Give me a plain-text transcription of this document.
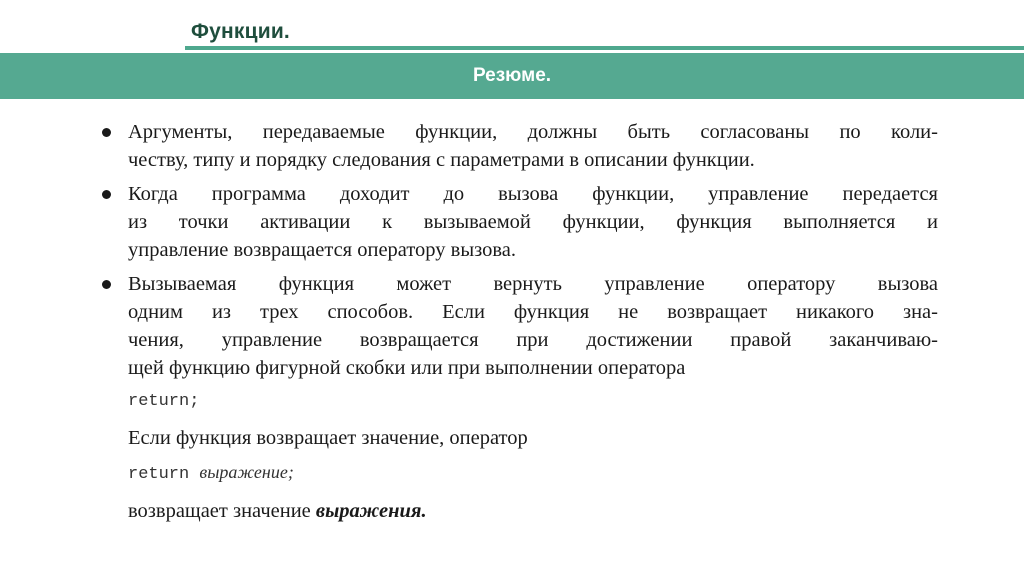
Функции.
Резюме.
Аргументы, передаваемые функции, должны быть согласованы по коли-
честву, типу и порядку следования с параметрами в описании функции.
Когда программа доходит до вызова функции, управление передается
из точки активации к вызываемой функции, функция выполняется и
управление возвращается оператору вызова.
Вызываемая функция может вернуть управление оператору вызова
одним из трех способов. Если функция не возвращает никакого зна-
чения, управление возвращается при достижении правой заканчиваю-
щей функцию фигурной скобки или при выполнении оператора
return;
Если функция возвращает значение, оператор
return выражение;
возвращает значение выражения.
